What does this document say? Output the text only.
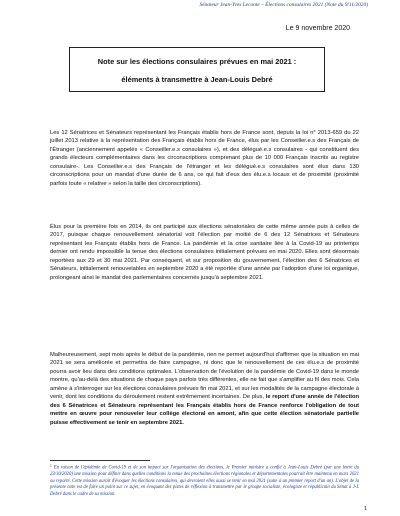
Sénateur Jean-Yves Leconte – Élections consulaires 2021 (Note du 9/11/2020)
Le 9 novembre 2020
Note sur les élections consulaires prévues en mai 2021 :
éléments à transmettre à Jean-Louis Debré

Les 12 Sénatrices et Sénateurs représentant les Français établis hors de France sont, depuis la loi n° 2013-659 du 22 juillet 2013 relative à la représentation des Français établis hors de France, élus par les Conseiller.e.s des Français de l'Étranger (anciennement appelés « Conseiller.e.s consulaires »), et des délégué.e.s consulaires - qui constituent des grands électeurs complémentaires dans les circonscriptions comprenant plus de 10 000 Français inscrits au registre consulaire-. Les Conseiller.e.s des Français de l'étranger et les délégué.e.s consulaires sont élus dans 130 circonscriptions pour un mandat d'une durée de 6 ans, ce qui fait d'eux des élu.e.s locaux et de proximité (proximité parfois toute « relative » selon la taille des circonscriptions).

Élus pour la première fois en 2014, ils ont participé aux élections sénatoriales de cette même année puis à celles de 2017, puisque chaque renouvellement sénatorial voit l'élection par moitié de 6 des 12 Sénatrices et Sénateurs représentant les Français établis hors de France. La pandémie et la crise sanitaire liée à la Covid-19 au printemps dernier ont rendu impossible la tenue des élections consulaires initialement prévues en mai 2020. Elles sont désormais reportées aux 29 et 30 mai 2021. Par conséquent, et sur proposition du gouvernement, l'élection des 6 Sénatrices et Sénateurs, initialement renouvelables en septembre 2020 a été reportée d'une année par l'adoption d'une loi organique, prolongeant ainsi le mandat des parlementaires concernés jusqu'à septembre 2021.

Malheureusement, sept mois après le début de la pandémie, rien ne permet aujourd'hui d'affirmer que la situation en mai 2021 se sera améliorée et permettra de faire campagne, ni donc que le renouvellement de ces élu.e.s de proximité pourra avoir lieu dans des conditions optimales. L'observation de l'évolution de la pandémie de Covid-19 dans le monde montre, qu'au-delà des situations de chaque pays parfois très différentes, elle ne fait que s'amplifier au fil des mois. Cela amène à s'interroger sur les élections consulaires prévues fin mai 2021, et sur les modalités de la campagne électorale à venir, dont les conditions du déroulement restent extrêmement incertaines. De plus, le report d'une année de l'élection des 6 Sénatrices et Sénateurs représentant les Français établis hors de France renforce l'obligation de tout mettre en œuvre pour renouveler leur collège électoral en amont, afin que cette élection sénatoriale partielle puisse effectivement se tenir en septembre 2021.

$^1$ En raison de l'épidémie de Covid-19 et de son impact sur l'organisation des élections, le Premier ministre a confié à Jean-Louis Debré (par une lettre du 23/10/2020) une mission pour définir dans quelles conditions la tenue des prochaines élections régionales et départementales pourrait être maintenu en mars 2021 ou reporté. Cette mission aurait d'évoquer les élections consulaires, qui devraient elles aussi se tenir en mai 2021 (suite à un premier report d'un an). L'objet de la présente note est de faire un point sur ce sujet, en évoquant des pistes de réflexion à transmettre par le groupe socialiste, écologiste et républicain du Sénat à J-L Debré dans le cadre de sa mission.

1
